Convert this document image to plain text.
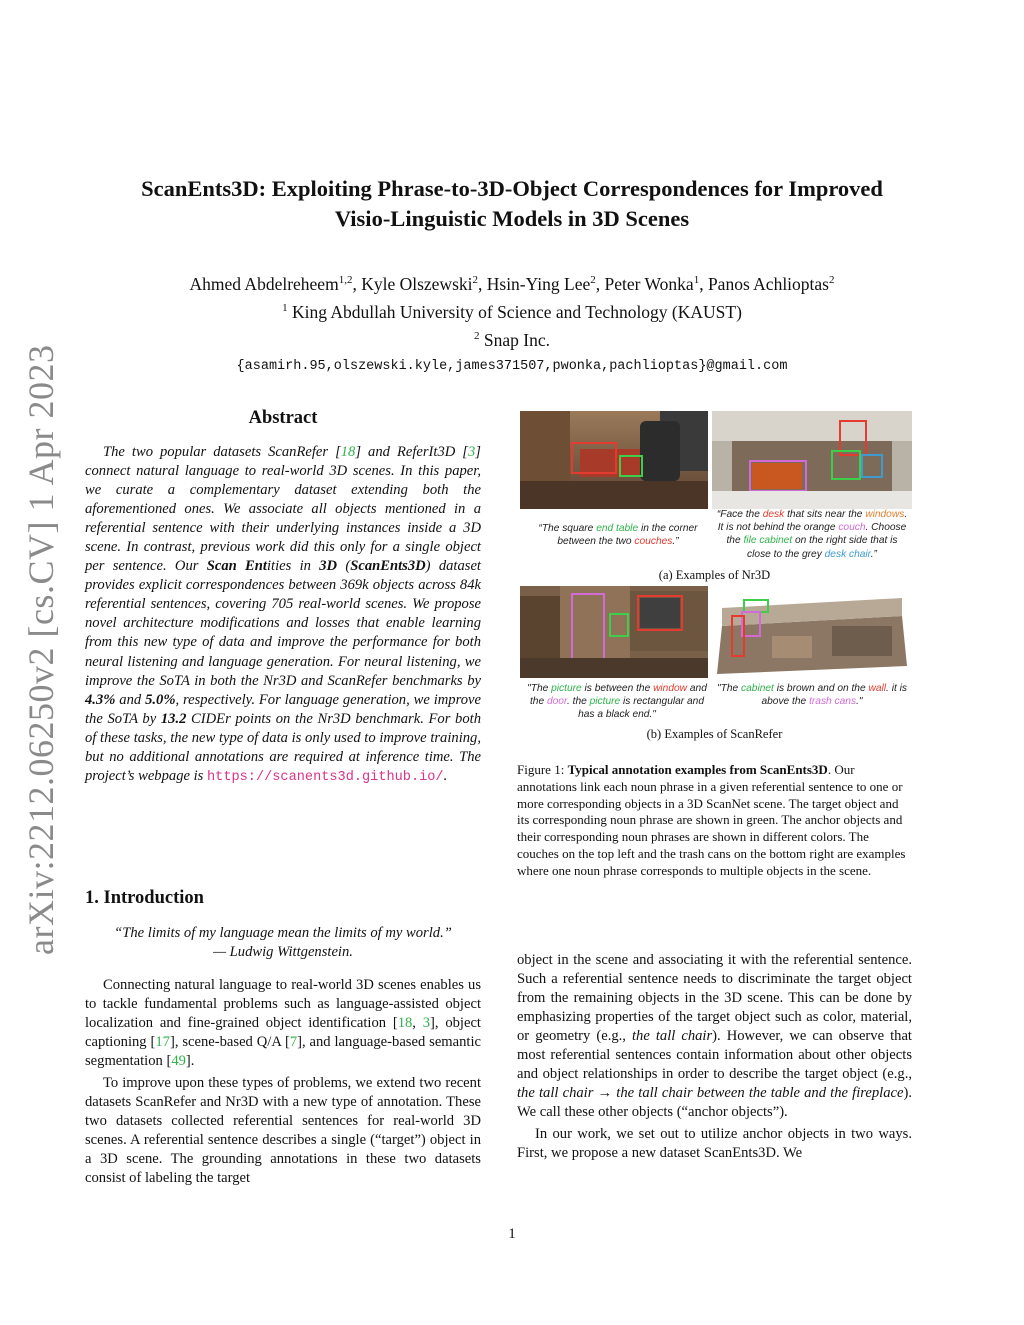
arXiv:2212.06250v2 [cs.CV] 1 Apr 2023
ScanEnts3D: Exploiting Phrase-to-3D-Object Correspondences for Improved
Visio-Linguistic Models in 3D Scenes
Ahmed Abdelreheem$^{1,2}$, Kyle Olszewski$^2$, Hsin-Ying Lee$^2$, Peter Wonka$^1$, Panos Achlioptas$^2$
$^1$ King Abdullah University of Science and Technology (KAUST)
$^2$ Snap Inc.
{asamirh.95,olszewski.kyle,james371507,pwonka,pachlioptas}@gmail.com
Abstract

The two popular datasets ScanRefer [18] and ReferIt3D [3] connect natural language to real-world 3D scenes. In this paper, we curate a complementary dataset extending both the aforementioned ones. We associate all objects mentioned in a referential sentence with their underlying instances inside a 3D scene. In contrast, previous work did this only for a single object per sentence. Our Scan Entities in 3D (ScanEnts3D) dataset provides explicit correspondences between 369k objects across 84k referential sentences, covering 705 real-world scenes. We propose novel architecture modifications and losses that enable learning from this new type of data and improve the performance for both neural listening and language generation. For neural listening, we improve the SoTA in both the Nr3D and ScanRefer benchmarks by 4.3% and 5.0%, respectively. For language generation, we improve the SoTA by 13.2 CIDEr points on the Nr3D benchmark. For both of these tasks, the new type of data is only used to improve training, but no additional annotations are required at inference time. The project’s webpage is https://scanents3d.github.io/.

1. Introduction
“The limits of my language mean the limits of my world.”
— Ludwig Wittgenstein.

Connecting natural language to real-world 3D scenes enables us to tackle fundamental problems such as language-assisted object localization and fine-grained object identification [18, 3], object captioning [17], scene-based Q/A [7], and language-based semantic segmentation [49].

To improve upon these types of problems, we extend two recent datasets ScanRefer and Nr3D with a new type of annotation. These two datasets collected referential sentences for real-world 3D scenes. A referential sentence describes a single (“target”) object in a 3D scene. The grounding annotations in these two datasets consist of labeling the target

“The square end table in the corner between the two couches.”
“Face the desk that sits near the windows. It is not behind the orange couch. Choose the file cabinet on the right side that is close to the grey desk chair.”
(a) Examples of Nr3D
"The picture is between the window and the door. the picture is rectangular and has a black end."
"The cabinet is brown and on the wall. it is above the trash cans."
(b) Examples of ScanRefer
Figure 1: Typical annotation examples from ScanEnts3D. Our annotations link each noun phrase in a given referential sentence to one or more corresponding objects in a 3D ScanNet scene. The target object and its corresponding noun phrase are shown in green. The anchor objects and their corresponding noun phrases are shown in different colors. The couches on the top left and the trash cans on the bottom right are examples where one noun phrase corresponds to multiple objects in the scene.

object in the scene and associating it with the referential sentence. Such a referential sentence needs to discriminate the target object from the remaining objects in the 3D scene. This can be done by emphasizing properties of the target object such as color, material, or geometry (e.g., the tall chair). However, we can observe that most referential sentences contain information about other objects and object relationships in order to describe the target object (e.g., the tall chair → the tall chair between the table and the fireplace). We call these other objects (“anchor objects”).

In our work, we set out to utilize anchor objects in two ways. First, we propose a new dataset ScanEnts3D. We

1
